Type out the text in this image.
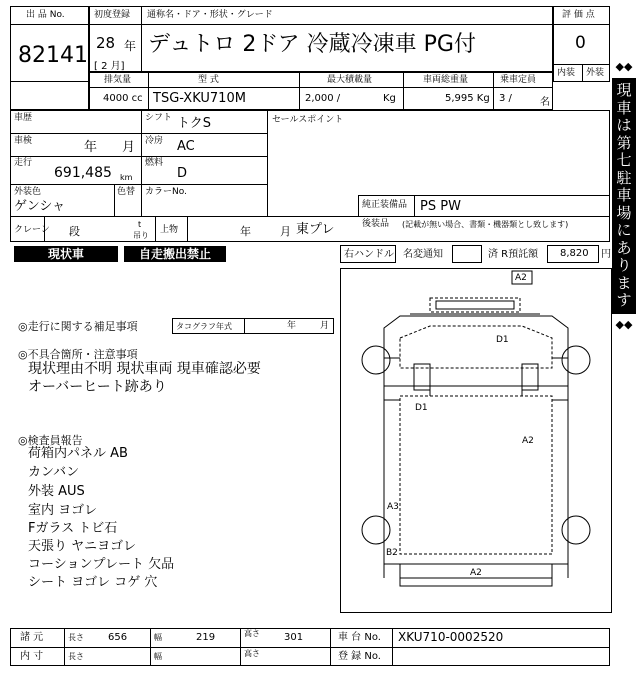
出 品 No.
82141
初度登録 通称名・ドア・形状・グレード
28 年
[ 2 月]
デュトロ 2ドア 冷蔵冷凍車 PG付
評 価 点
0
内装 外装
排気量	型 式	最大積載量	車両総重量	乗車定員
4000 cc TSG-XKU710M	2,000 /	Kg	5,995 Kg 3 /	名
車歴	シフト トクS	セールスポイント
車検	年 月 冷房 AC
走行
691,485 km
燃料
D
外装色
ゲンシャ
色替 カラーNo.
純正装備品 PS PW
後装品 (記載が無い場合、書類・機器類とし致します)
クレーン 段
t
吊り
上物	年	月 東プレ
現状車	自走搬出禁止	右ハンドル 名変通知	済 R預託額 8,820 円
◎走行に関する補足事項	タコグラフ年式	年	月
◎不具合箇所・注意事項
現状理由不明 現状車両 現車確認必要
オーバーヒート跡あり
◎検査員報告
荷箱内パネル AB
カンバン
外装 AUS
室内 ヨゴレ
Fガラス トビ石
天張り ヤニヨゴレ
コーションプレート 欠品
シート ヨゴレ コゲ 穴
A2
D1
D1
A2
A3
B2
A2
◆◆
現車は第七駐車場にあります
◆◆
諸 元	長さ 656	幅	219	高さ 301	車 台 No. XKU710-0002520
内 寸	長さ	幅	高さ	登 録 No.
